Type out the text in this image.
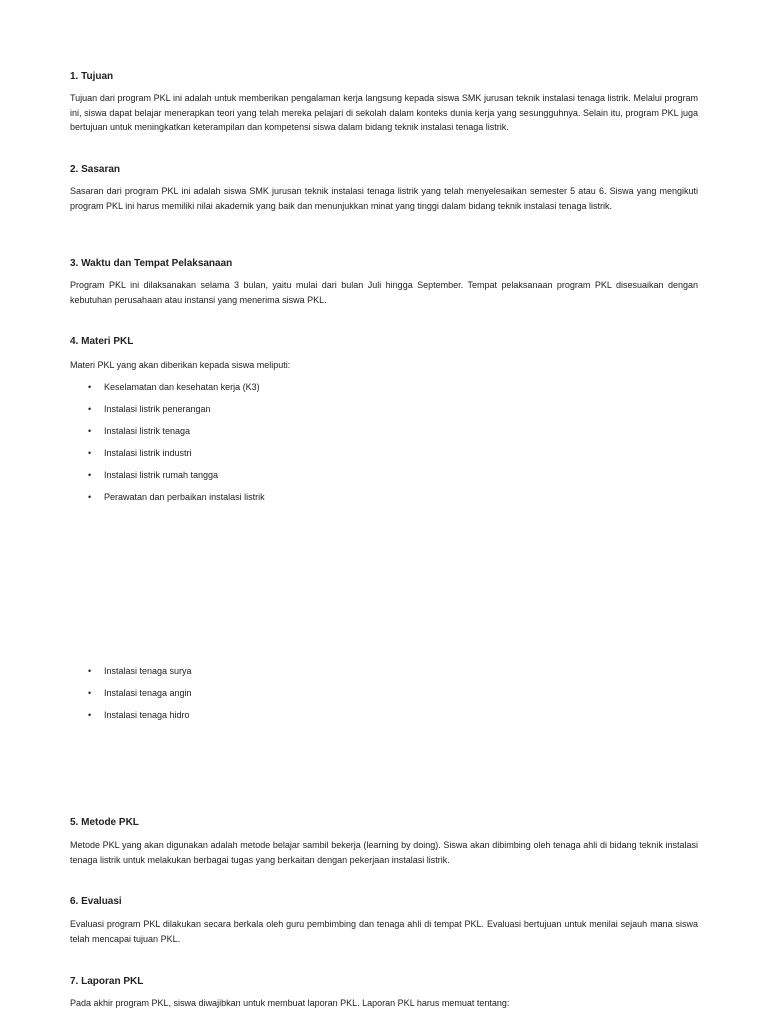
1. Tujuan

Tujuan dari program PKL ini adalah untuk memberikan pengalaman kerja langsung kepada siswa SMK jurusan teknik instalasi tenaga listrik. Melalui program ini, siswa dapat belajar menerapkan teori yang telah mereka pelajari di sekolah dalam konteks dunia kerja yang sesungguhnya. Selain itu, program PKL juga bertujuan untuk meningkatkan keterampilan dan kompetensi siswa dalam bidang teknik instalasi tenaga listrik.

2. Sasaran

Sasaran dari program PKL ini adalah siswa SMK jurusan teknik instalasi tenaga listrik yang telah menyelesaikan semester 5 atau 6. Siswa yang mengikuti program PKL ini harus memiliki nilai akademik yang baik dan menunjukkan minat yang tinggi dalam bidang teknik instalasi tenaga listrik.

3. Waktu dan Tempat Pelaksanaan

Program PKL ini dilaksanakan selama 3 bulan, yaitu mulai dari bulan Juli hingga September. Tempat pelaksanaan program PKL disesuaikan dengan kebutuhan perusahaan atau instansi yang menerima siswa PKL.

4. Materi PKL

Materi PKL yang akan diberikan kepada siswa meliputi:

• Keselamatan dan kesehatan kerja (K3)
• Instalasi listrik penerangan
• Instalasi listrik tenaga
• Instalasi listrik industri
• Instalasi listrik rumah tangga
• Perawatan dan perbaikan instalasi listrik
• Instalasi tenaga surya
• Instalasi tenaga angin
• Instalasi tenaga hidro
5. Metode PKL

Metode PKL yang akan digunakan adalah metode belajar sambil bekerja (learning by doing). Siswa akan dibimbing oleh tenaga ahli di bidang teknik instalasi tenaga listrik untuk melakukan berbagai tugas yang berkaitan dengan pekerjaan instalasi listrik.

6. Evaluasi

Evaluasi program PKL dilakukan secara berkala oleh guru pembimbing dan tenaga ahli di tempat PKL. Evaluasi bertujuan untuk menilai sejauh mana siswa telah mencapai tujuan PKL.

7. Laporan PKL

Pada akhir program PKL, siswa diwajibkan untuk membuat laporan PKL. Laporan PKL harus memuat tentang:
